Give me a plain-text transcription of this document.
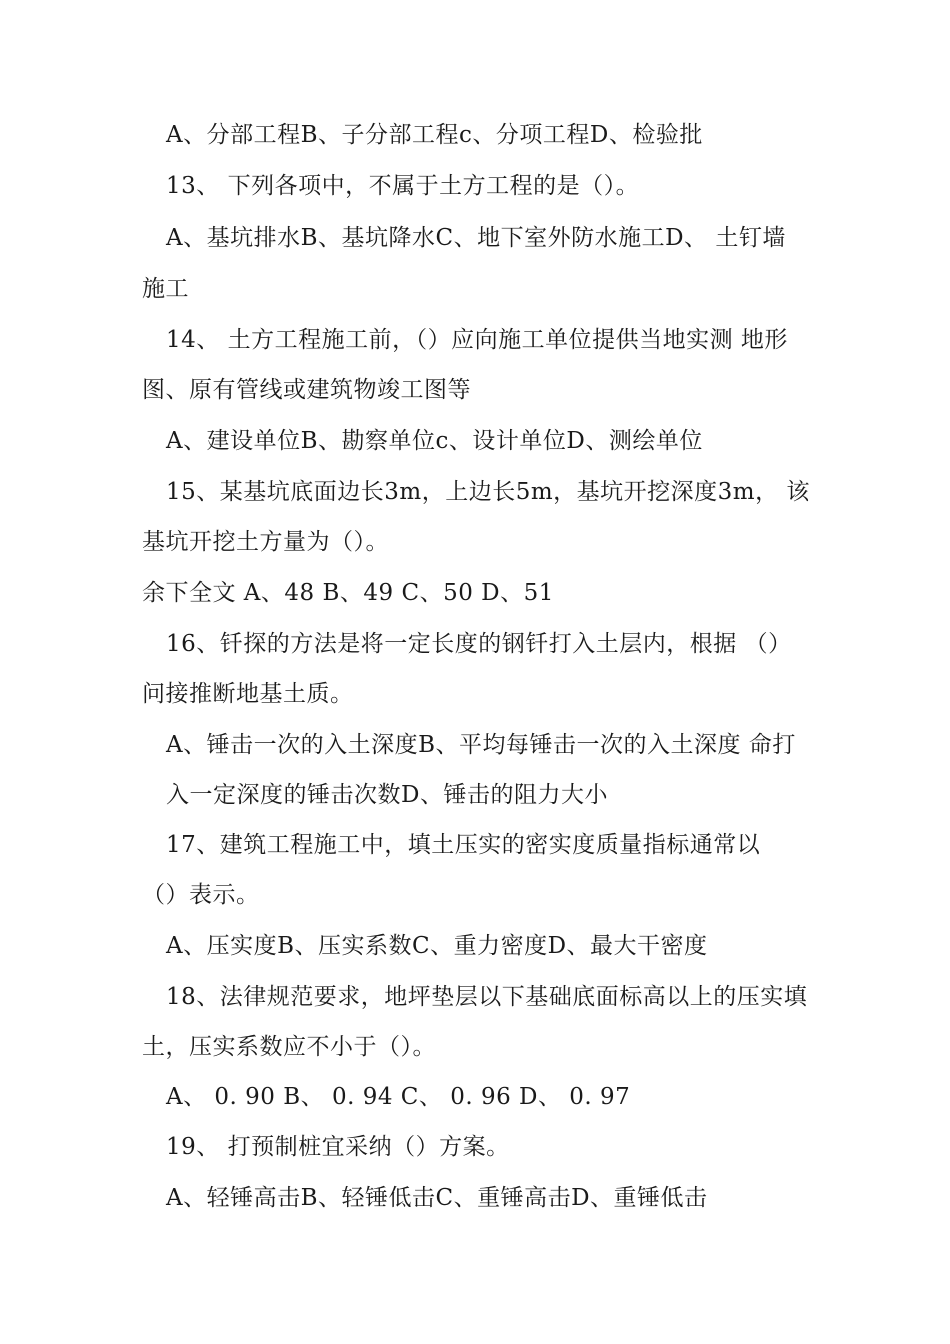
A、分部工程B、子分部工程c、分项工程D、检验批
13、 下列各项中，不属于土方工程的是（）。
A、基坑排水B、基坑降水C、地下室外防水施工D、 土钉墙
施工
14、 土方工程施工前，（）应向施工单位提供当地实测 地形
图、原有管线或建筑物竣工图等
A、建设单位B、勘察单位c、设计单位D、测绘单位
15、某基坑底面边长3m，上边长5m，基坑开挖深度3m， 该
基坑开挖土方量为（）。
余下全文 A、48 B、49 C、50 D、51
16、钎探的方法是将一定长度的钢钎打入土层内，根据 （）
问接推断地基土质。
A、锤击一次的入土深度B、平均每锤击一次的入土深度 命打
入一定深度的锤击次数D、锤击的阻力大小
17、建筑工程施工中，填土压实的密实度质量指标通常以
（）表示。
A、压实度B、压实系数C、重力密度D、最大干密度
18、法律规范要求，地坪垫层以下基础底面标高以上的压实填
土，压实系数应不小于（）。
A、 0. 90 B、 0. 94 C、 0. 96 D、 0. 97
19、 打预制桩宜采纳（）方案。
A、轻锤高击B、轻锤低击C、重锤高击D、重锤低击
